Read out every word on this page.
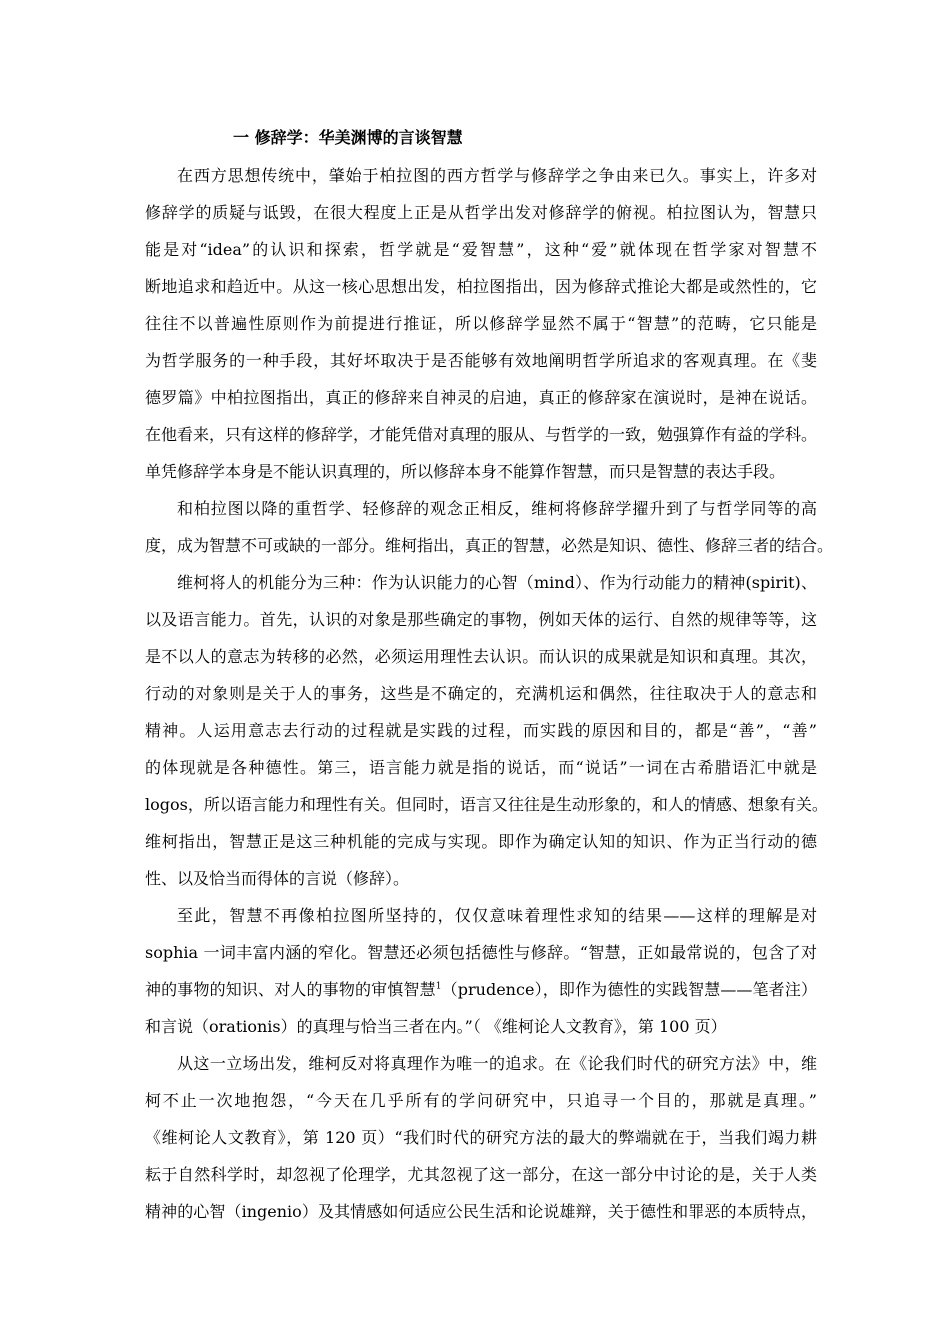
一 修辞学：华美渊博的言谈智慧

在西方思想传统中，肇始于柏拉图的西方哲学与修辞学之争由来已久。事实上，许多对
修辞学的质疑与诋毁，在很大程度上正是从哲学出发对修辞学的俯视。柏拉图认为，智慧只
能是对“idea”的认识和探索，哲学就是“爱智慧”，这种“爱”就体现在哲学家对智慧不
断地追求和趋近中。从这一核心思想出发，柏拉图指出，因为修辞式推论大都是或然性的，它
往往不以普遍性原则作为前提进行推证，所以修辞学显然不属于“智慧”的范畴，它只能是
为哲学服务的一种手段，其好坏取决于是否能够有效地阐明哲学所追求的客观真理。在《斐
德罗篇》中柏拉图指出，真正的修辞来自神灵的启迪，真正的修辞家在演说时，是神在说话。
在他看来，只有这样的修辞学，才能凭借对真理的服从、与哲学的一致，勉强算作有益的学科。
单凭修辞学本身是不能认识真理的，所以修辞本身不能算作智慧，而只是智慧的表达手段。

和柏拉图以降的重哲学、轻修辞的观念正相反，维柯将修辞学擢升到了与哲学同等的高
度，成为智慧不可或缺的一部分。维柯指出，真正的智慧，必然是知识、德性、修辞三者的结合。

维柯将人的机能分为三种：作为认识能力的心智（mind）、作为行动能力的精神(spirit)、
以及语言能力。首先，认识的对象是那些确定的事物，例如天体的运行、自然的规律等等，这
是不以人的意志为转移的必然，必须运用理性去认识。而认识的成果就是知识和真理。其次，
行动的对象则是关于人的事务，这些是不确定的，充满机运和偶然，往往取决于人的意志和
精神。人运用意志去行动的过程就是实践的过程，而实践的原因和目的，都是“善”，“善”
的体现就是各种德性。第三，语言能力就是指的说话，而“说话”一词在古希腊语汇中就是
logos，所以语言能力和理性有关。但同时，语言又往往是生动形象的，和人的情感、想象有关。
维柯指出，智慧正是这三种机能的完成与实现。即作为确定认知的知识、作为正当行动的德
性、以及恰当而得体的言说（修辞）。

至此，智慧不再像柏拉图所坚持的，仅仅意味着理性求知的结果——这样的理解是对
sophia 一词丰富内涵的窄化。智慧还必须包括德性与修辞。“智慧，正如最常说的，包含了对
神的事物的知识、对人的事物的审慎智慧$^1$（prudence），即作为德性的实践智慧——笔者注）
和言说（orationis）的真理与恰当三者在内。”（ 《维柯论人文教育》，第 100 页）

从这一立场出发，维柯反对将真理作为唯一的追求。在《论我们时代的研究方法》中，维
柯不止一次地抱怨，“今天在几乎所有的学问研究中，只追寻一个目的，那就是真理。”
《维柯论人文教育》，第 120 页）“我们时代的研究方法的最大的弊端就在于，当我们竭力耕
耘于自然科学时，却忽视了伦理学，尤其忽视了这一部分，在这一部分中讨论的是，关于人类
精神的心智（ingenio）及其情感如何适应公民生活和论说雄辩，关于德性和罪恶的本质特点，
